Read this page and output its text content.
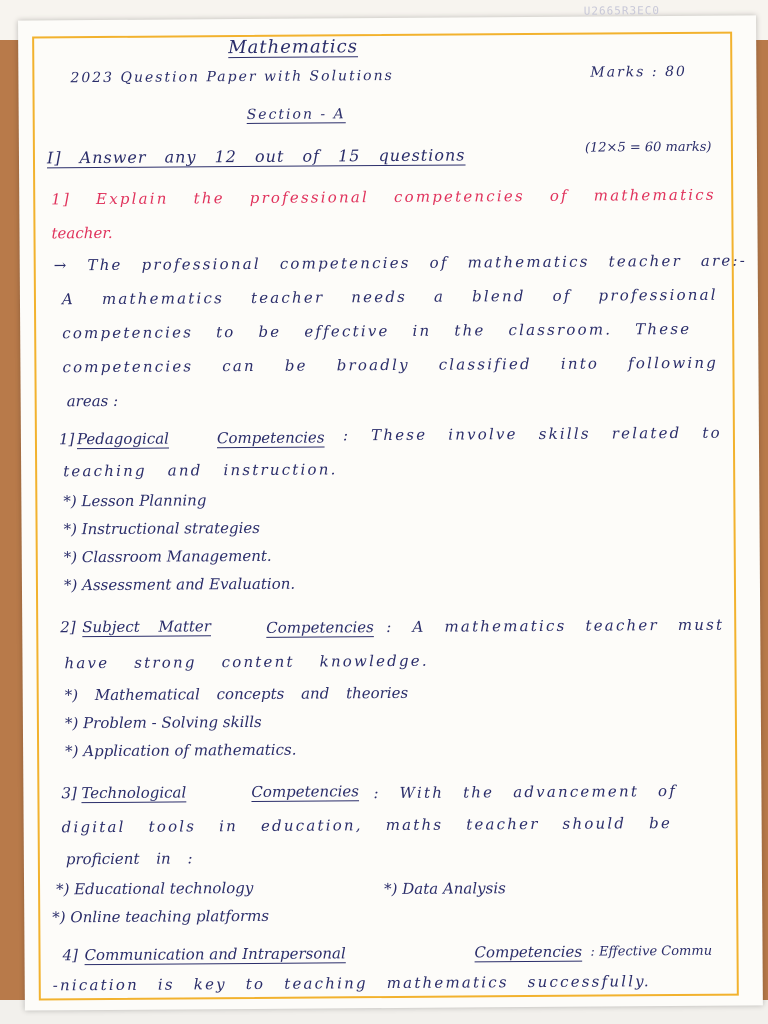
U2665R3EC0
Mathematics
2023 Question Paper with Solutions	Marks : 80
Section - A
I] Answer any 12 out of 15 questions	(12×5 = 60 marks)
1] Explain the professional competencies of mathematics
teacher.
→ The professional competencies of mathematics teacher are:-
A mathematics teacher needs a blend of professional
competencies to be effective in the classroom. These
competencies can be broadly classified into following
areas :
1] Pedagogical	Competencies : These involve skills related to
teaching and instruction.
*) Lesson Planning
*) Instructional strategies
*) Classroom Management.
*) Assessment and Evaluation.
2] Subject Matter	Competencies : A mathematics teacher must
have strong content knowledge.
*) Mathematical concepts and theories
*) Problem - Solving skills
*) Application of mathematics.
3] Technological	Competencies : With the advancement of
digital tools in education, maths teacher should be
proficient in :
*) Educational technology	*) Data Analysis
*) Online teaching platforms
4] Communication and Intrapersonal	Competencies : Effective Commu
-nication is key to teaching mathematics successfully.
